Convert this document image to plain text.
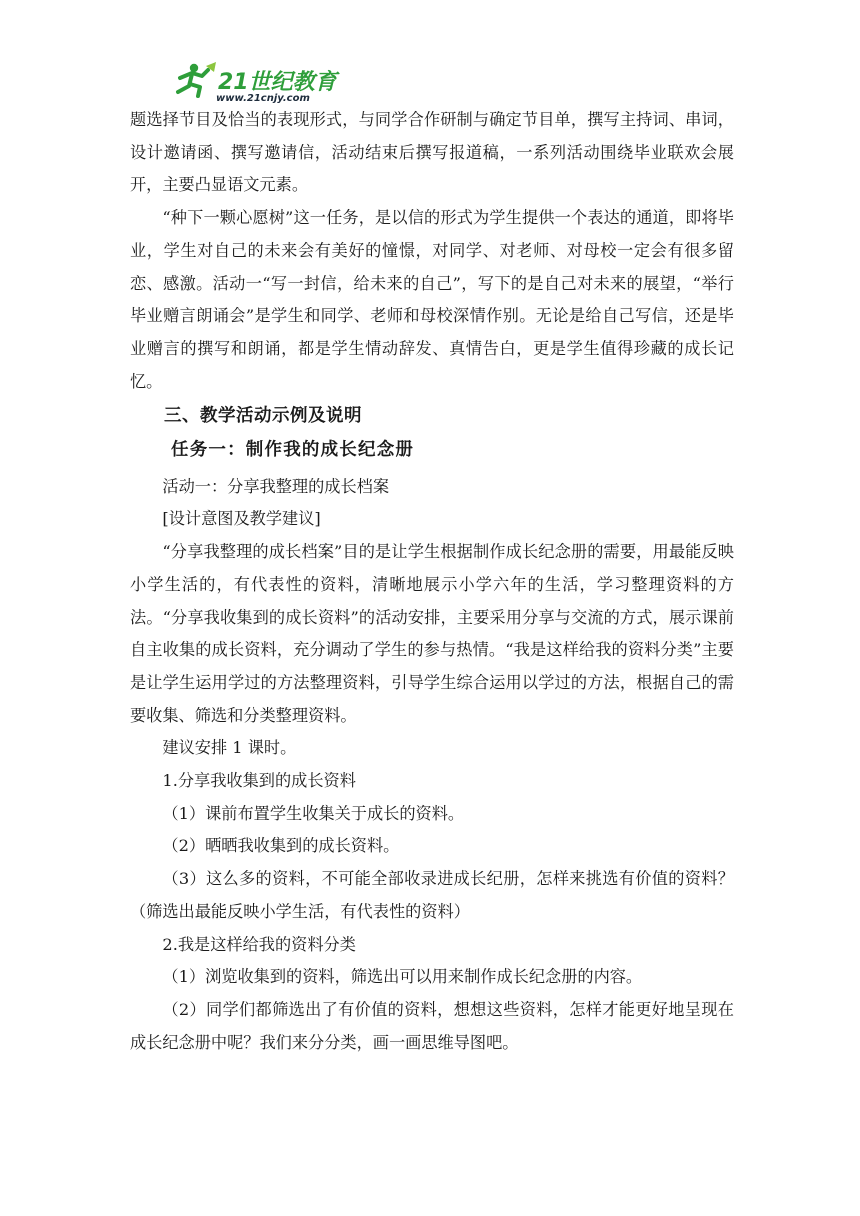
21世纪教育
www.21cnjy.com

题选择节目及恰当的表现形式，与同学合作研制与确定节目单，撰写主持词、串词，设计邀请函、撰写邀请信，活动结束后撰写报道稿，一系列活动围绕毕业联欢会展开，主要凸显语文元素。

“种下一颗心愿树”这一任务，是以信的形式为学生提供一个表达的通道，即将毕业，学生对自己的未来会有美好的憧憬，对同学、对老师、对母校一定会有很多留恋、感激。活动一“写一封信，给未来的自己”，写下的是自己对未来的展望，“举行毕业赠言朗诵会”是学生和同学、老师和母校深情作别。无论是给自己写信，还是毕业赠言的撰写和朗诵，都是学生情动辞发、真情告白，更是学生值得珍藏的成长记忆。

三、教学活动示例及说明

任务一：制作我的成长纪念册

活动一：分享我整理的成长档案

[设计意图及教学建议]

“分享我整理的成长档案”目的是让学生根据制作成长纪念册的需要，用最能反映小学生活的，有代表性的资料，清晰地展示小学六年的生活，学习整理资料的方法。“分享我收集到的成长资料”的活动安排，主要采用分享与交流的方式，展示课前自主收集的成长资料，充分调动了学生的参与热情。“我是这样给我的资料分类”主要是让学生运用学过的方法整理资料，引导学生综合运用以学过的方法，根据自己的需要收集、筛选和分类整理资料。

建议安排 1 课时。

1.分享我收集到的成长资料

（1）课前布置学生收集关于成长的资料。

（2）晒晒我收集到的成长资料。

（3）这么多的资料，不可能全部收录进成长纪册，怎样来挑选有价值的资料？（筛选出最能反映小学生活，有代表性的资料）

2.我是这样给我的资料分类

（1）浏览收集到的资料，筛选出可以用来制作成长纪念册的内容。

（2）同学们都筛选出了有价值的资料，想想这些资料，怎样才能更好地呈现在成长纪念册中呢？我们来分分类，画一画思维导图吧。
